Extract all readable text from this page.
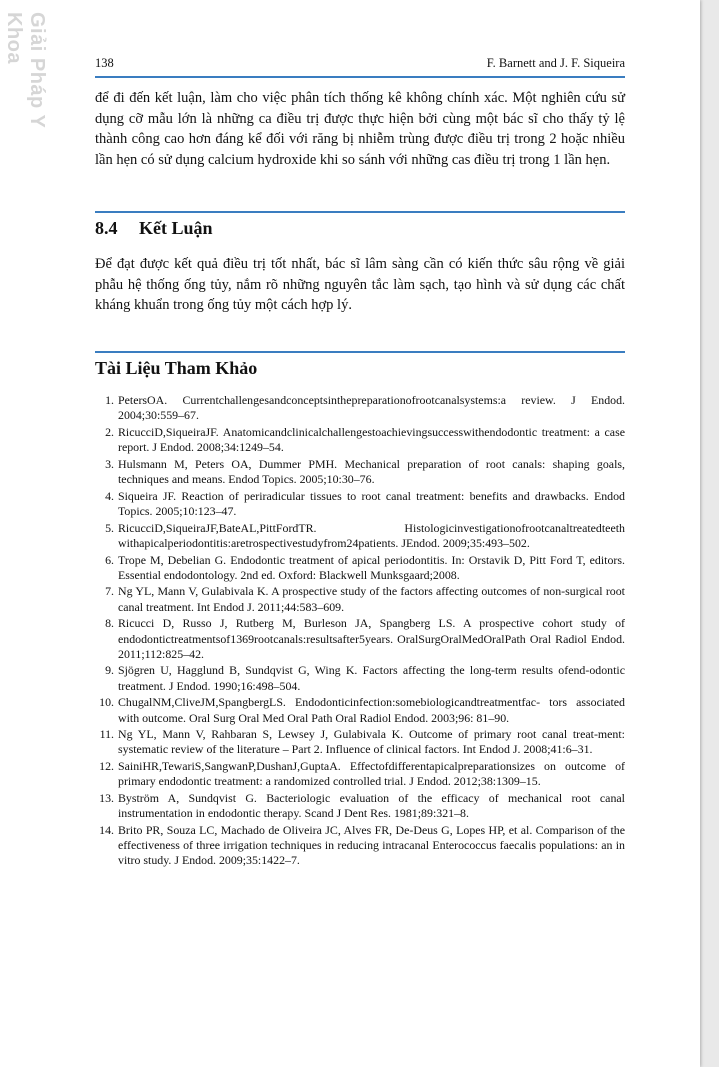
Giải Pháp Y Khoa	138	F. Barnett and J. F. Siqueira

để đi đến kết luận, làm cho việc phân tích thống kê không chính xác. Một nghiên cứu sử dụng cỡ mẫu lớn là những ca điều trị được thực hiện bởi cùng một bác sĩ cho thấy tỷ lệ thành công cao hơn đáng kể đối với răng bị nhiễm trùng được điều trị trong 2 hoặc nhiều lần hẹn có sử dụng calcium hydroxide khi so sánh với những cas điều trị trong 1 lần hẹn.

8.4 Kết Luận

Để đạt được kết quả điều trị tốt nhất, bác sĩ lâm sàng cần có kiến thức sâu rộng về giải phẫu hệ thống ống tủy, nắm rõ những nguyên tắc làm sạch, tạo hình và sử dụng các chất kháng khuẩn trong ống tủy một cách hợp lý.

Tài Liệu Tham Khảo
1. PetersOA. Currentchallengesandconceptsinthepreparationofrootcanalsystems:a review. J Endod. 2004;30:559–67.
2. RicucciD,SiqueiraJF. Anatomicandclinicalchallengestoachievingsuccesswithendodontic treatment: a case report. J Endod. 2008;34:1249–54.
3. Hulsmann M, Peters OA, Dummer PMH. Mechanical preparation of root canals: shaping goals, techniques and means. Endod Topics. 2005;10:30–76.
4. Siqueira JF. Reaction of periradicular tissues to root canal treatment: benefits and drawbacks. Endod Topics. 2005;10:123–47.
5. RicucciD,SiqueiraJF,BateAL,PittFordTR. Histologicinvestigationofrootcanaltreatedteeth withapicalperiodontitis:aretrospectivestudyfrom24patients. JEndod. 2009;35:493–502.
6. Trope M, Debelian G. Endodontic treatment of apical periodontitis. In: Orstavik D, Pitt Ford T, editors. Essential endodontology. 2nd ed. Oxford: Blackwell Munksgaard;2008.
7. Ng YL, Mann V, Gulabivala K. A prospective study of the factors affecting outcomes of non-surgical root canal treatment. Int Endod J. 2011;44:583–609.
8. Ricucci D, Russo J, Rutberg M, Burleson JA, Spangberg LS. A prospective cohort study of endodontictreatmentsof1369rootcanals:resultsafter5years. OralSurgOralMedOralPath Oral Radiol Endod. 2011;112:825–42.
9. Sjögren U, Hagglund B, Sundqvist G, Wing K. Factors affecting the long-term results ofend-odontic treatment. J Endod. 1990;16:498–504.
10. ChugalNM,CliveJM,SpangbergLS. Endodonticinfection:somebiologicandtreatmentfac- tors associated with outcome. Oral Surg Oral Med Oral Path Oral Radiol Endod. 2003;96: 81–90.
11. Ng YL, Mann V, Rahbaran S, Lewsey J, Gulabivala K. Outcome of primary root canal treat-ment: systematic review of the literature – Part 2. Influence of clinical factors. Int Endod J. 2008;41:6–31.
12. SainiHR,TewariS,SangwanP,DushanJ,GuptaA. Effectofdifferentapicalpreparationsizes on outcome of primary endodontic treatment: a randomized controlled trial. J Endod. 2012;38:1309–15.
13. Byström A, Sundqvist G. Bacteriologic evaluation of the efficacy of mechanical root canal instrumentation in endodontic therapy. Scand J Dent Res. 1981;89:321–8.
14. Brito PR, Souza LC, Machado de Oliveira JC, Alves FR, De-Deus G, Lopes HP, et al. Comparison of the effectiveness of three irrigation techniques in reducing intracanal Enterococcus faecalis populations: an in vitro study. J Endod. 2009;35:1422–7.
